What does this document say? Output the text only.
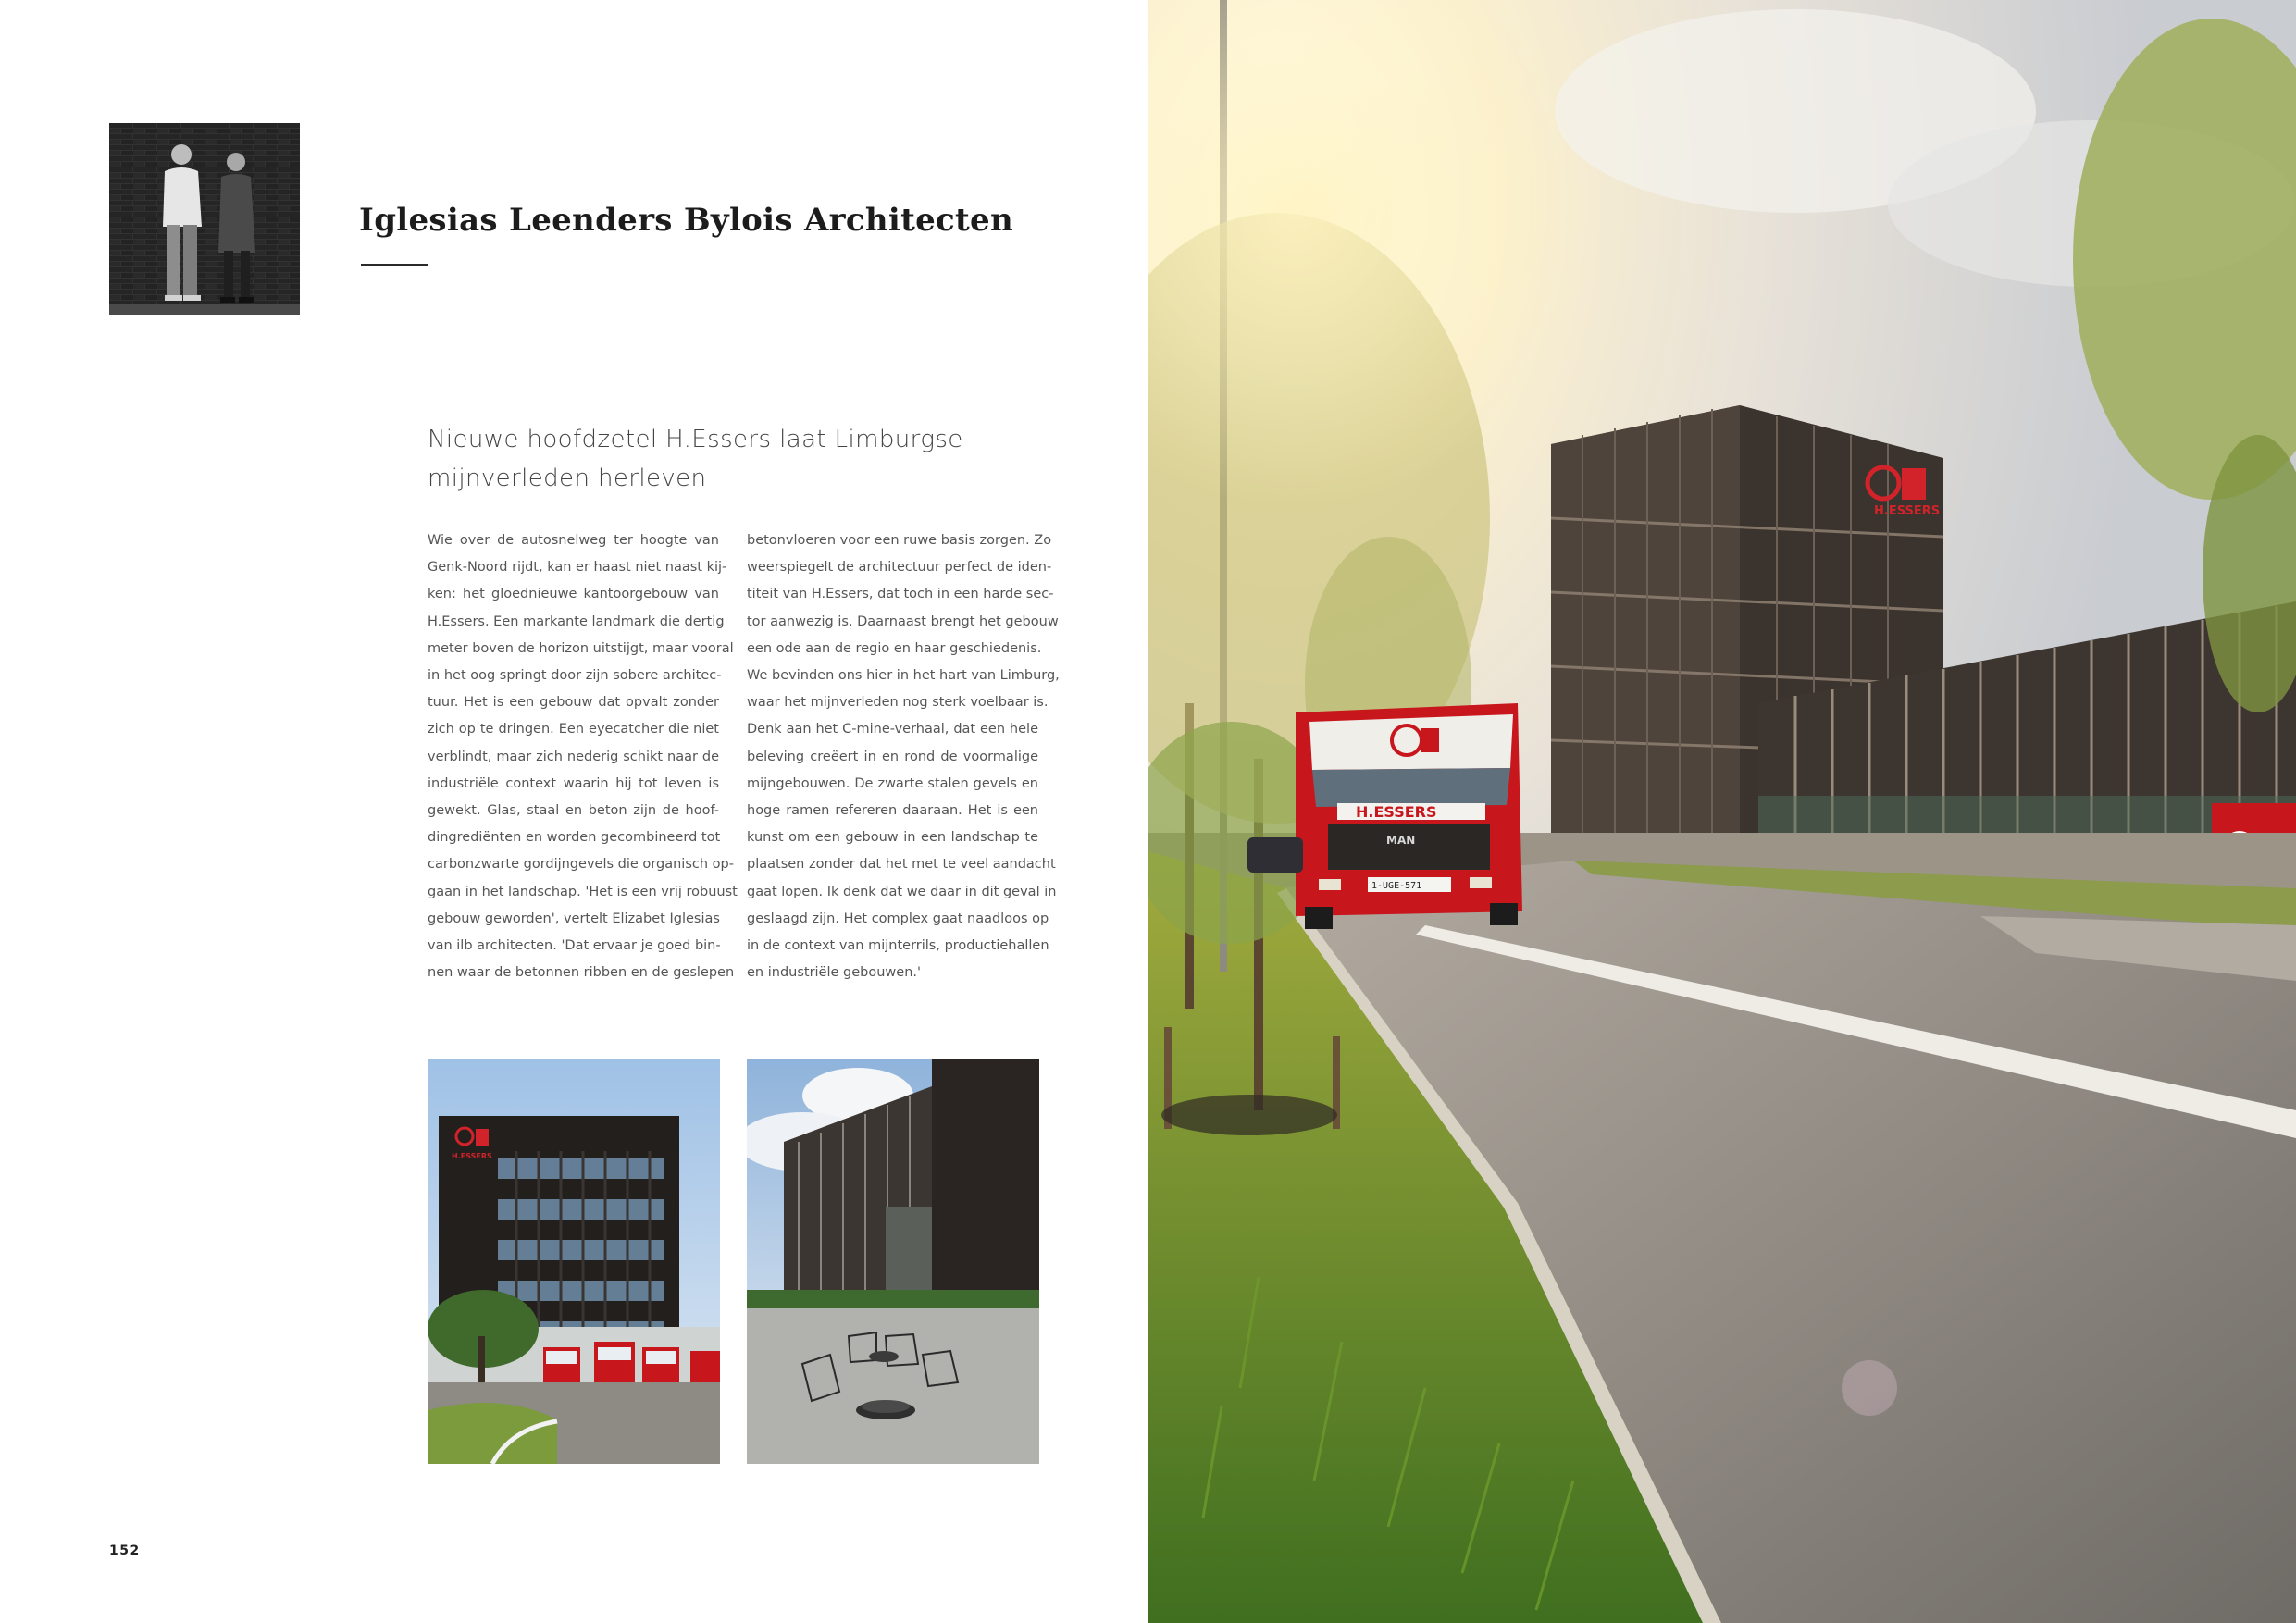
Iglesias Leenders Bylois Architecten
Nieuwe hoofdzetel H.Essers laat Limburgse
mijnverleden herleven
Wie over de autosnelweg ter hoogte van
Genk-Noord rijdt, kan er haast niet naast kij-
ken: het gloednieuwe kantoorgebouw van
H.Essers. Een markante landmark die dertig
meter boven de horizon uitstijgt, maar vooral
in het oog springt door zijn sobere architec-
tuur. Het is een gebouw dat opvalt zonder
zich op te dringen. Een eyecatcher die niet
verblindt, maar zich nederig schikt naar de
industriële context waarin hij tot leven is
gewekt. Glas, staal en beton zijn de hoof-
dingrediënten en worden gecombineerd tot
carbonzwarte gordijngevels die organisch op-
gaan in het landschap. 'Het is een vrij robuust
gebouw geworden', vertelt Elizabet Iglesias
van ilb architecten. 'Dat ervaar je goed bin-
nen waar de betonnen ribben en de geslepen
betonvloeren voor een ruwe basis zorgen. Zo
weerspiegelt de architectuur perfect de iden-
titeit van H.Essers, dat toch in een harde sec-
tor aanwezig is. Daarnaast brengt het gebouw
een ode aan de regio en haar geschiedenis.
We bevinden ons hier in het hart van Limburg,
waar het mijnverleden nog sterk voelbaar is.
Denk aan het C-mine-verhaal, dat een hele
beleving creëert in en rond de voormalige
mijngebouwen. De zwarte stalen gevels en
hoge ramen refereren daaraan. Het is een
kunst om een gebouw in een landschap te
plaatsen zonder dat het met te veel aandacht
gaat lopen. Ik denk dat we daar in dit geval in
geslaagd zijn. Het complex gaat naadloos op
in de context van mijnterrils, productiehallen
en industriële gebouwen.'
H.ESSERS
152
H.ESSERS
H.ESSERS
MAN
1-UGE-571
